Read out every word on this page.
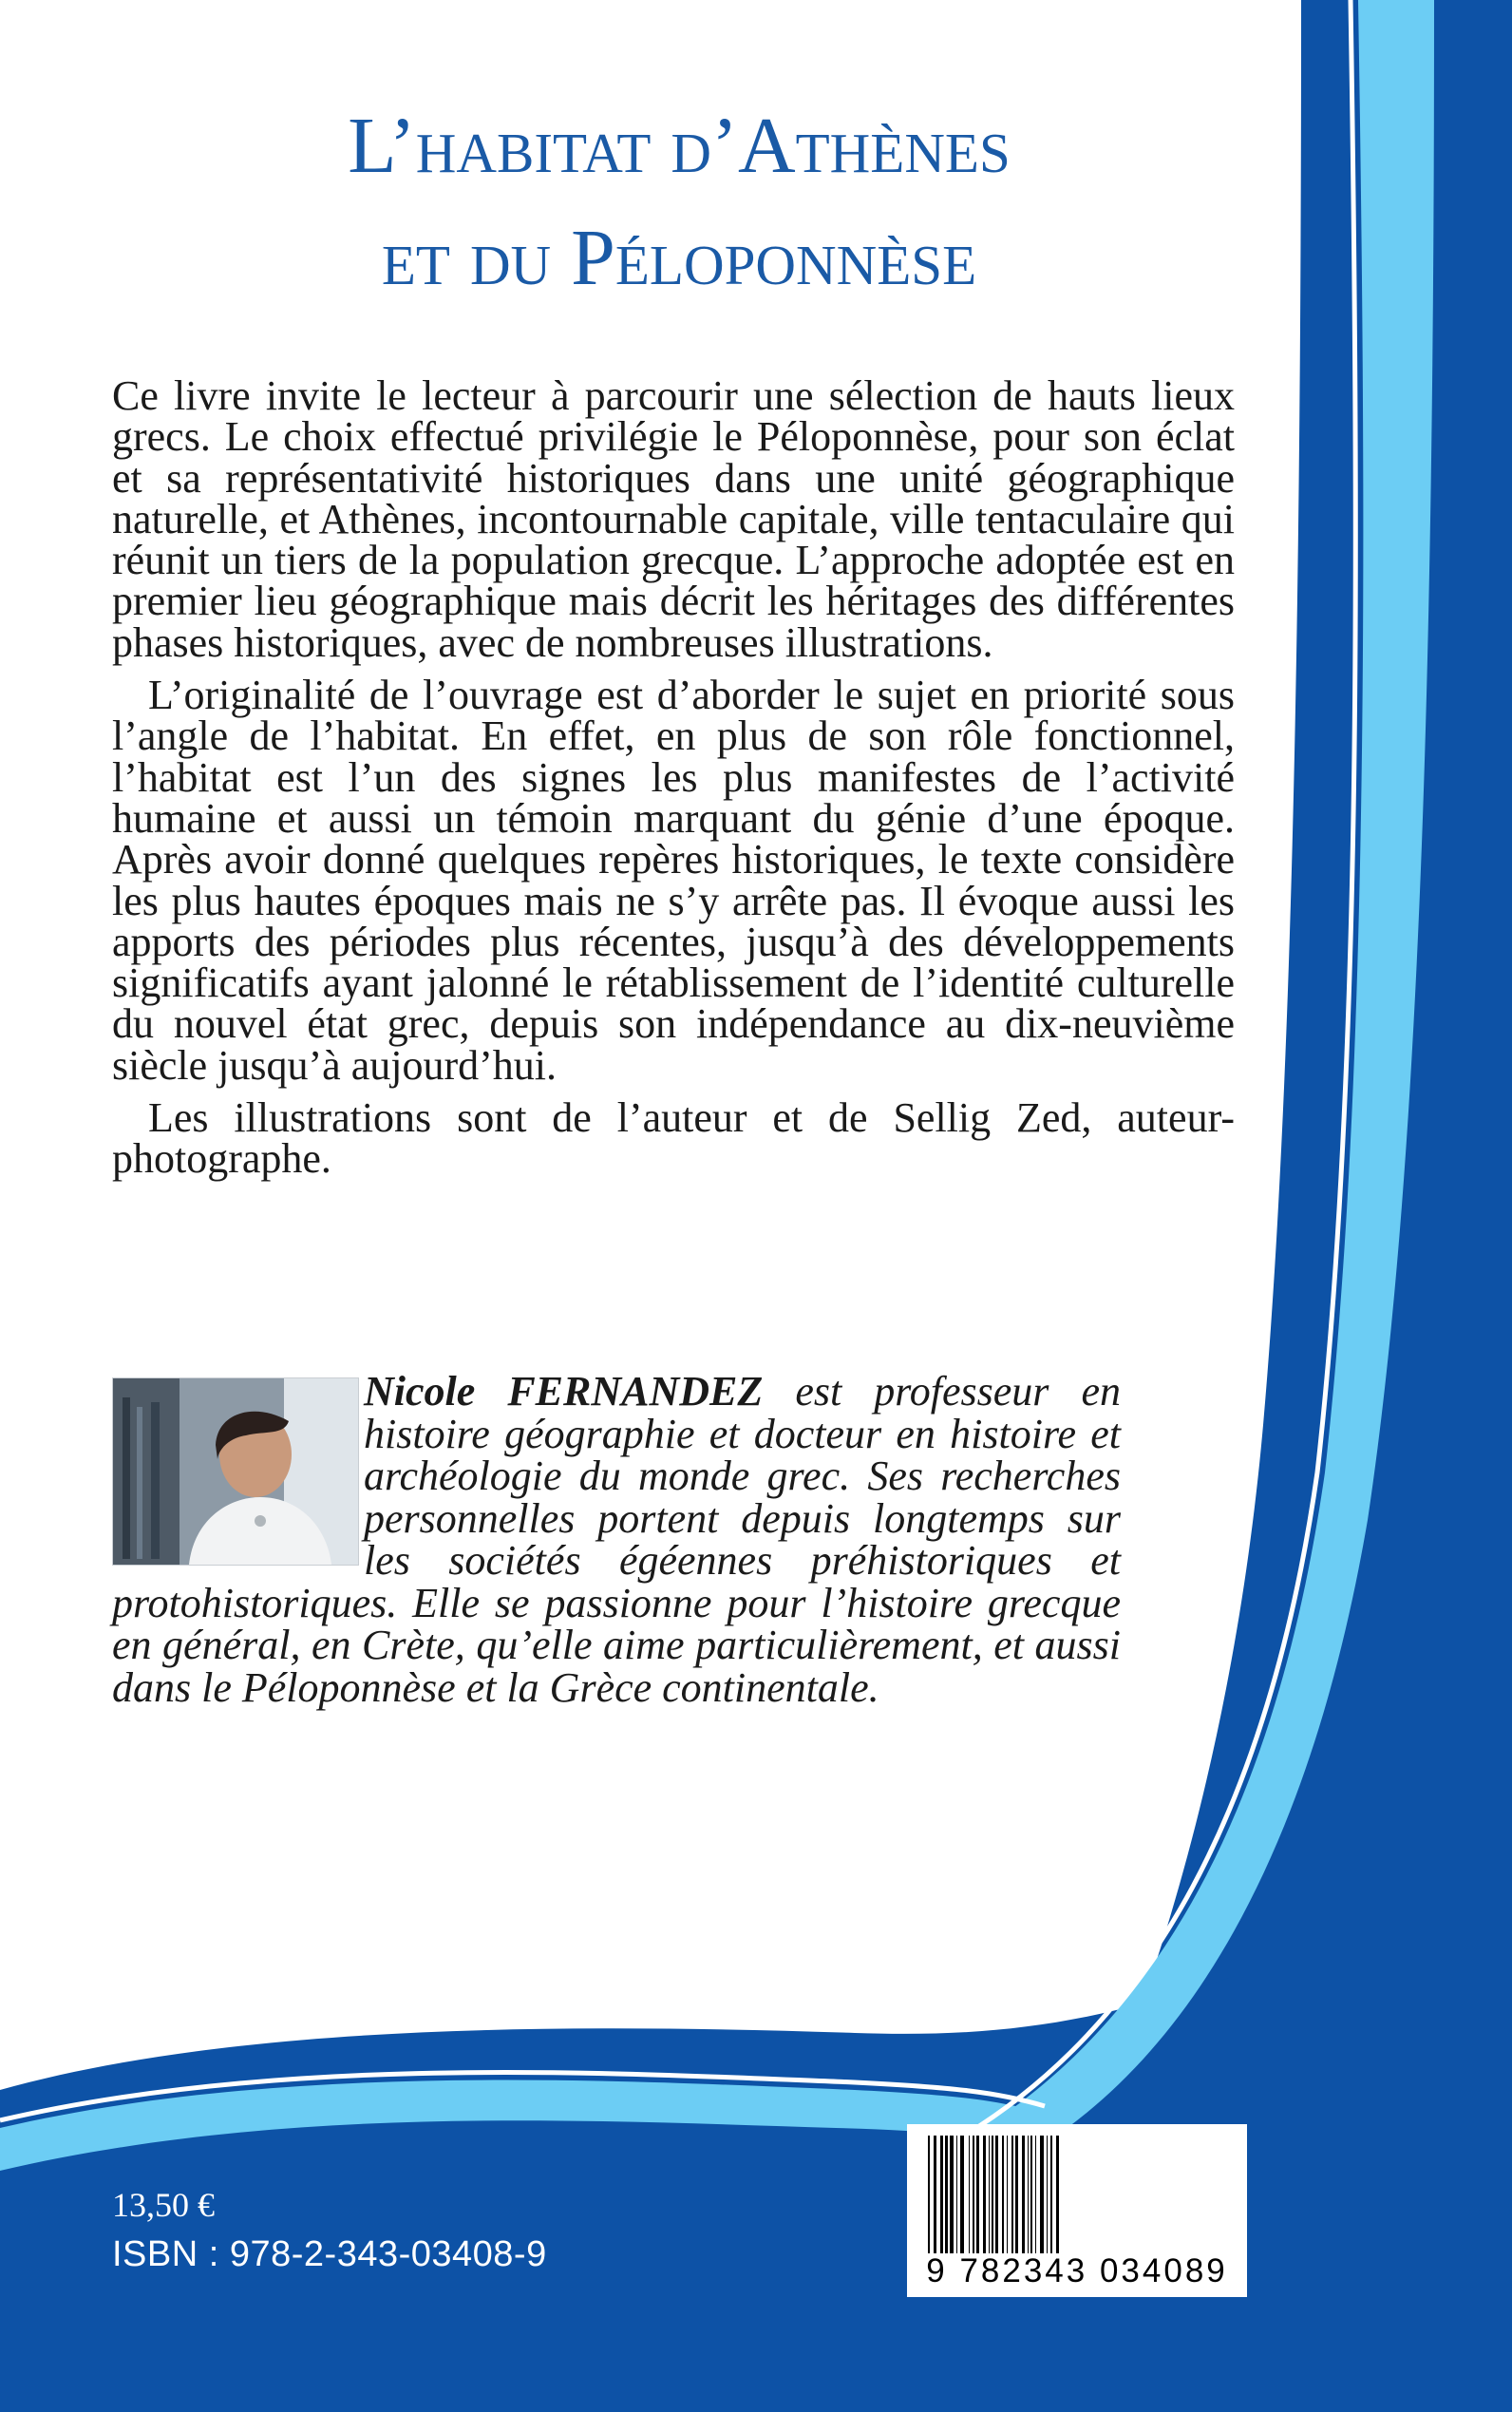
L’habitat d’Athènes
et du Péloponnèse

Ce livre invite le lecteur à parcourir une sélection de hauts lieux grecs. Le choix effectué privilégie le Péloponnèse, pour son éclat et sa représentativité historiques dans une unité géographique naturelle, et Athènes, incontournable capitale, ville tentaculaire qui réunit un tiers de la population grecque. L’approche adoptée est en premier lieu géographique mais décrit les héritages des différentes phases historiques, avec de nombreuses illustrations.

L’originalité de l’ouvrage est d’aborder le sujet en priorité sous l’angle de l’habitat. En effet, en plus de son rôle fonctionnel, l’habitat est l’un des signes les plus manifestes de l’activité humaine et aussi un témoin marquant du génie d’une époque. Après avoir donné quelques repères historiques, le texte considère les plus hautes époques mais ne s’y arrête pas. Il évoque aussi les apports des périodes plus récentes, jusqu’à des développements significatifs ayant jalonné le rétablissement de l’identité culturelle du nouvel état grec, depuis son indépendance au dix-neuvième siècle jusqu’à aujourd’hui.

Les illustrations sont de l’auteur et de Sellig Zed, auteur-photographe.

Nicole FERNANDEZ est professeur en histoire géographie et docteur en histoire et archéologie du monde grec. Ses recherches personnelles portent depuis longtemps sur les sociétés égéennes préhistoriques et protohistoriques. Elle se passionne pour l’histoire grecque en général, en Crète, qu’elle aime particulièrement, et aussi dans le Péloponnèse et la Grèce continentale.
13,50 €
ISBN : 978-2-343-03408-9	9 782343 034089
